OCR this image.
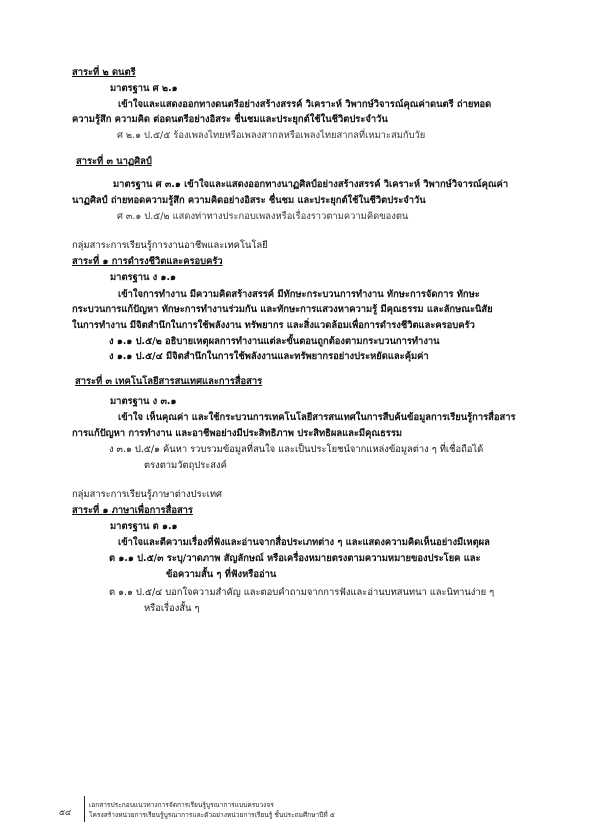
สาระที่ ๒ ดนตรี
มาตรฐาน ศ ๒.๑
เข้าใจและแสดงออกทางดนตรีอย่างสร้างสรรค์ วิเคราะห์ วิพากษ์วิจารณ์คุณค่าดนตรี ถ่ายทอด
ความรู้สึก ความคิด ต่อดนตรีอย่างอิสระ ชื่นชมและประยุกต์ใช้ในชีวิตประจำวัน
ศ ๒.๑ ป.๕/๕ ร้องเพลงไทยหรือเพลงสากลหรือเพลงไทยสากลที่เหมาะสมกับวัย
สาระที่ ๓ นาฏศิลป์
มาตรฐาน ศ ๓.๑ เข้าใจและแสดงออกทางนาฏศิลป์อย่างสร้างสรรค์ วิเคราะห์ วิพากษ์วิจารณ์คุณค่า
นาฏศิลป์ ถ่ายทอดความรู้สึก ความคิดอย่างอิสระ ชื่นชม และประยุกต์ใช้ในชีวิตประจำวัน
ศ ๓.๑ ป.๕/๒ แสดงท่าทางประกอบเพลงหรือเรื่องราวตามความคิดของตน
กลุ่มสาระการเรียนรู้การงานอาชีพและเทคโนโลยี
สาระที่ ๑ การดำรงชีวิตและครอบครัว
มาตรฐาน ง ๑.๑
เข้าใจการทำงาน มีความคิดสร้างสรรค์ มีทักษะกระบวนการทำงาน ทักษะการจัดการ ทักษะ
กระบวนการแก้ปัญหา ทักษะการทำงานร่วมกัน และทักษะการแสวงหาความรู้ มีคุณธรรม และลักษณะนิสัย
ในการทำงาน มีจิตสำนึกในการใช้พลังงาน ทรัพยากร และสิ่งแวดล้อมเพื่อการดำรงชีวิตและครอบครัว
ง ๑.๑ ป.๕/๒ อธิบายเหตุผลการทำงานแต่ละขั้นตอนถูกต้องตามกระบวนการทำงาน
ง ๑.๑ ป.๕/๔ มีจิตสำนึกในการใช้พลังงานและทรัพยากรอย่างประหยัดและคุ้มค่า
สาระที่ ๓ เทคโนโลยีสารสนเทศและการสื่อสาร
มาตรฐาน ง ๓.๑
เข้าใจ เห็นคุณค่า และใช้กระบวนการเทคโนโลยีสารสนเทศในการสืบค้นข้อมูลการเรียนรู้การสื่อสาร
การแก้ปัญหา การทำงาน และอาชีพอย่างมีประสิทธิภาพ ประสิทธิผลและมีคุณธรรม
ง ๓.๑ ป.๕/๑ ค้นหา รวบรวมข้อมูลที่สนใจ และเป็นประโยชน์จากแหล่งข้อมูลต่าง ๆ ที่เชื่อถือได้
ตรงตามวัตถุประสงค์
กลุ่มสาระการเรียนรู้ภาษาต่างประเทศ
สาระที่ ๑ ภาษาเพื่อการสื่อสาร
มาตรฐาน ต ๑.๑
เข้าใจและตีความเรื่องที่ฟังและอ่านจากสื่อประเภทต่าง ๆ และแสดงความคิดเห็นอย่างมีเหตุผล
ต ๑.๑ ป.๕/๓ ระบุ/วาดภาพ สัญลักษณ์ หรือเครื่องหมายตรงตามความหมายของประโยค และ
ข้อความสั้น ๆ ที่ฟังหรืออ่าน
ต ๑.๑ ป.๕/๔ บอกใจความสำคัญ และตอบคำถามจากการฟังและอ่านบทสนทนา และนิทานง่าย ๆ
หรือเรื่องสั้น ๆ
๕๔
เอกสารประกอบแนวทางการจัดการเรียนรู้บูรณาการแบบครบวงจร
โครงสร้างหน่วยการเรียนรู้บูรณาการและตัวอย่างหน่วยการเรียนรู้ ชั้นประถมศึกษาปีที่ ๕
